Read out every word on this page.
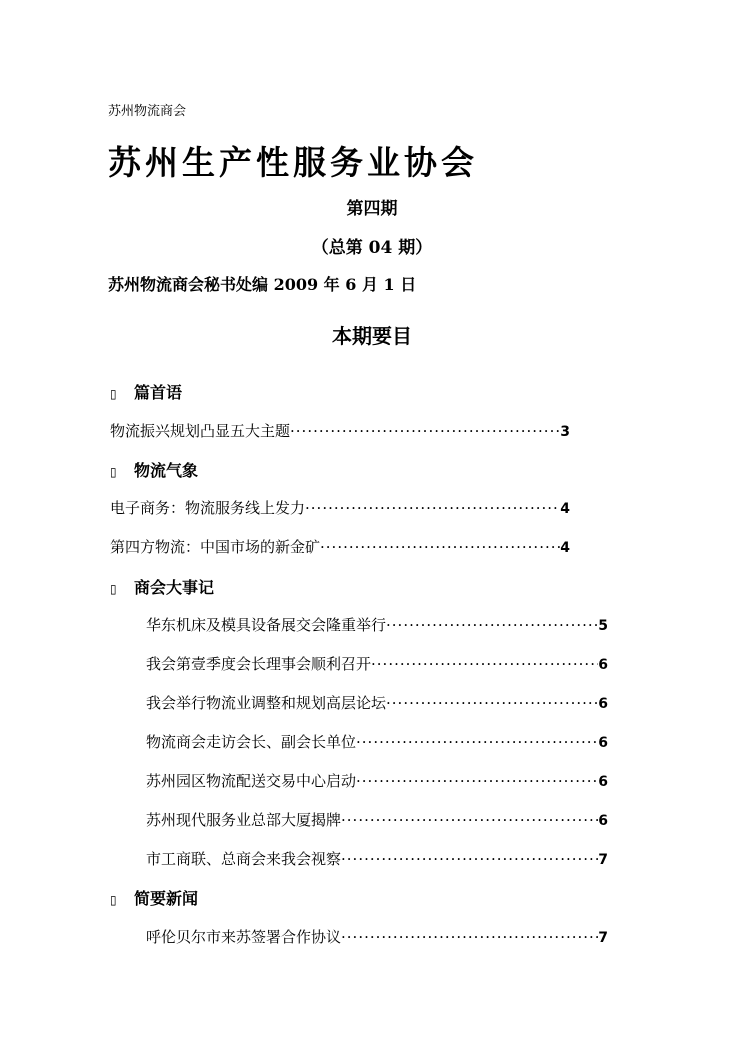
苏州物流商会
苏州生产性服务业协会
第四期
（总第 04 期）
苏州物流商会秘书处编 2009 年 6 月 1 日
本期要目
▯ 篇首语
物流振兴规划凸显五大主题 ·····	3
▯ 物流气象
电子商务：物流服务线上发力 ·····	4
第四方物流：中国市场的新金矿 ·····	4
▯ 商会大事记
华东机床及模具设备展交会隆重举行 ·····	5
我会第壹季度会长理事会顺利召开 ·····	6
我会举行物流业调整和规划高层论坛 ·····	6
物流商会走访会长、副会长单位 ·····	6
苏州园区物流配送交易中心启动 ·····	6
苏州现代服务业总部大厦揭牌 ·····	6
市工商联、总商会来我会视察 ·····	7
▯ 简要新闻
呼伦贝尔市来苏签署合作协议 ·····	7
